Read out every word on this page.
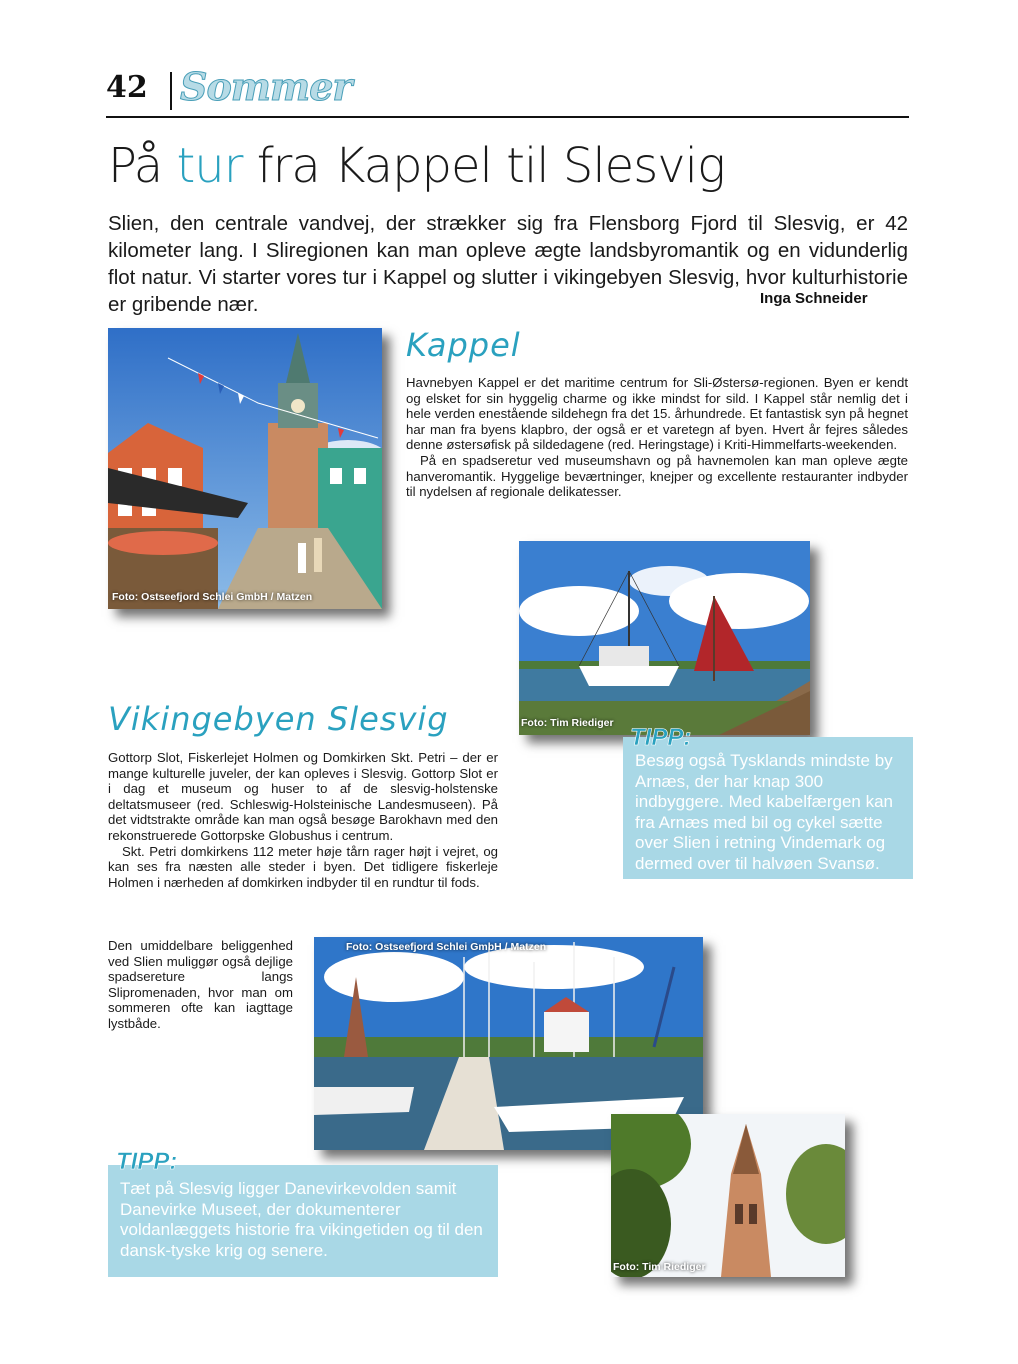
42 Sommer
På tur fra Kappel til Slesvig
Slien, den centrale vandvej, der strækker sig fra Flensborg Fjord til Slesvig, er 42 kilometer lang. I Sliregionen kan man opleve ægte landsbyromantik og en vidunderlig flot natur. Vi starter vores tur i Kappel og slutter i vikingebyen Slesvig, hvor kulturhistorie er gribende nær.	Inga Schneider
Foto: Ostseefjord Schlei GmbH / Matzen
Kappel

Havnebyen Kappel er det maritime centrum for Sli-Østersø-regionen. Byen er kendt og elsket for sin hyggelig charme og ikke mindst for sild. I Kappel står nemlig det i hele verden enestående sildehegn fra det 15. århundrede. Et fantastisk syn på hegnet har man fra byens klapbro, der også er et varetegn af byen. Hvert år fejres således denne østersøfisk på sildedagene (red. Heringstage) i Kriti-Himmelfarts-weekenden.

På en spadseretur ved museumshavn og på havnemolen kan man opleve ægte hanveromantik. Hyggelige beværtninger, knejper og excellente restauranter indbyder til nydelsen af regionale delikatesser.

Foto: Tim Riediger
Besøg også Tysklands mindste by Arnæs, der har knap 300 indbyggere. Med kabelfærgen kan fra Arnæs med bil og cykel sætte over Slien i retning Vindemark og dermed over til halvøen Svansø.
TIPP:
Vikingebyen Slesvig

Gottorp Slot, Fiskerlejet Holmen og Domkirken Skt. Petri – der er mange kulturelle juveler, der kan opleves i Slesvig. Gottorp Slot er i dag et museum og huser to af de slesvig-holstenske deltatsmuseer (red. Schleswig-Holsteinische Landesmuseen). På det vidtstrakte område kan man også besøge Barokhavn med den rekonstruerede Gottorpske Globushus i centrum.

Skt. Petri domkirkens 112 meter høje tårn rager højt i vejret, og kan ses fra næsten alle steder i byen. Det tidligere fiskerleje Holmen i nærheden af domkirken indbyder til en rundtur til fods.

Den umiddelbare beliggenhed ved Slien muliggør også dejlige spadsereture langs Slipromenaden, hvor man om sommeren ofte kan iagttage lystbåde.

Foto: Ostseefjord Schlei GmbH / Matzen
Foto: Tim Riediger
Tæt på Slesvig ligger Danevirkevolden samit Danevirke Museet, der dokumenterer voldanlæggets historie fra vikingetiden og til den dansk-tyske krig og senere.
TIPP:
